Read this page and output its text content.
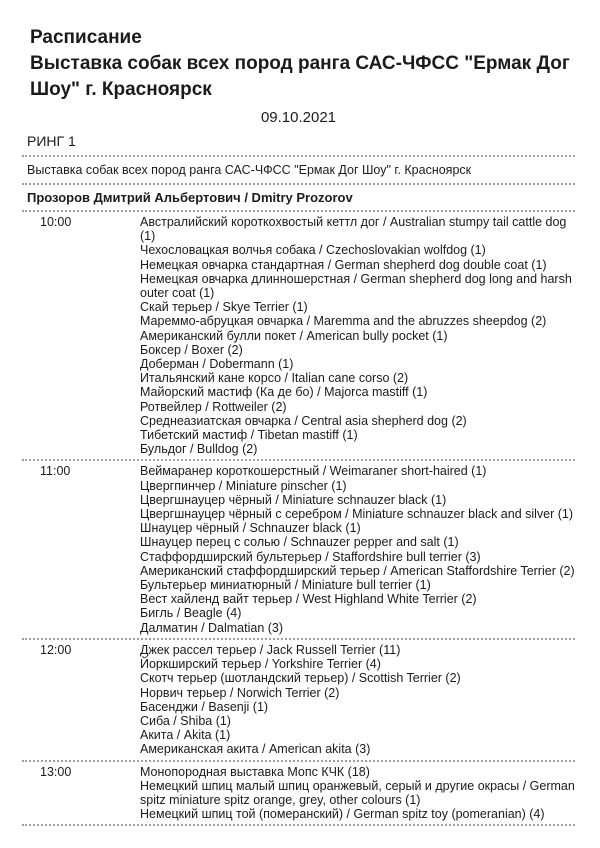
Расписание
Выставка собак всех пород ранга САС-ЧФСС "Ермак Дог Шоу" г. Красноярск
09.10.2021
РИНГ 1
Выставка собак всех пород ранга САС-ЧФСС "Ермак Дог Шоу" г. Красноярск
Прозоров Дмитрий Альбертович / Dmitry Prozorov
10:00	Австралийский короткохвостый кеттл дог / Australian stumpy tail cattle dog (1)
Чехословацкая волчья собака / Czechoslovakian wolfdog (1)
Немецкая овчарка стандартная / German shepherd dog double coat (1)
Немецкая овчарка длинношерстная / German shepherd dog long and harsh outer coat (1)
Скай терьер / Skye Terrier (1)
Мареммо-абруцкая овчарка / Maremma and the abruzzes sheepdog (2)
Американский булли покет / American bully pocket (1)
Боксер / Boxer (2)
Доберман / Dobermann (1)
Итальянский кане корсо / Italian cane corso (2)
Майорский мастиф (Ка де бо) / Majorca mastiff (1)
Ротвейлер / Rottweiler (2)
Среднеазиатская овчарка / Central asia shepherd dog (2)
Тибетский мастиф / Tibetan mastiff (1)
Бульдог / Bulldog (2)
11:00	Веймаранер короткошерстный / Weimaraner short-haired (1)
Цвергпинчер / Miniature pinscher (1)
Цвергшнауцер чёрный / Miniature schnauzer black (1)
Цвергшнауцер чёрный с серебром / Miniature schnauzer black and silver (1)
Шнауцер чёрный / Schnauzer black (1)
Шнауцер перец с солью / Schnauzer pepper and salt (1)
Стаффордширский бультерьер / Staffordshire bull terrier (3)
Американский стаффордширский терьер / American Staffordshire Terrier (2)
Бультерьер миниатюрный / Miniature bull terrier (1)
Вест хайленд вайт терьер / West Highland White Terrier (2)
Бигль / Beagle (4)
Далматин / Dalmatian (3)
12:00	Джек рассел терьер / Jack Russell Terrier (11)
Йоркширский терьер / Yorkshire Terrier (4)
Скотч терьер (шотландский терьер) / Scottish Terrier (2)
Норвич терьер / Norwich Terrier (2)
Басенджи / Basenji (1)
Сиба / Shiba (1)
Акита / Akita (1)
Американская акита / American akita (3)
13:00	Монопородная выставка Мопс КЧК (18)
Немецкий шпиц малый шпиц оранжевый, серый и другие окрасы / German spitz miniature spitz orange, grey, other colours (1)
Немецкий шпиц той (померанский) / German spitz toy (pomeranian) (4)
